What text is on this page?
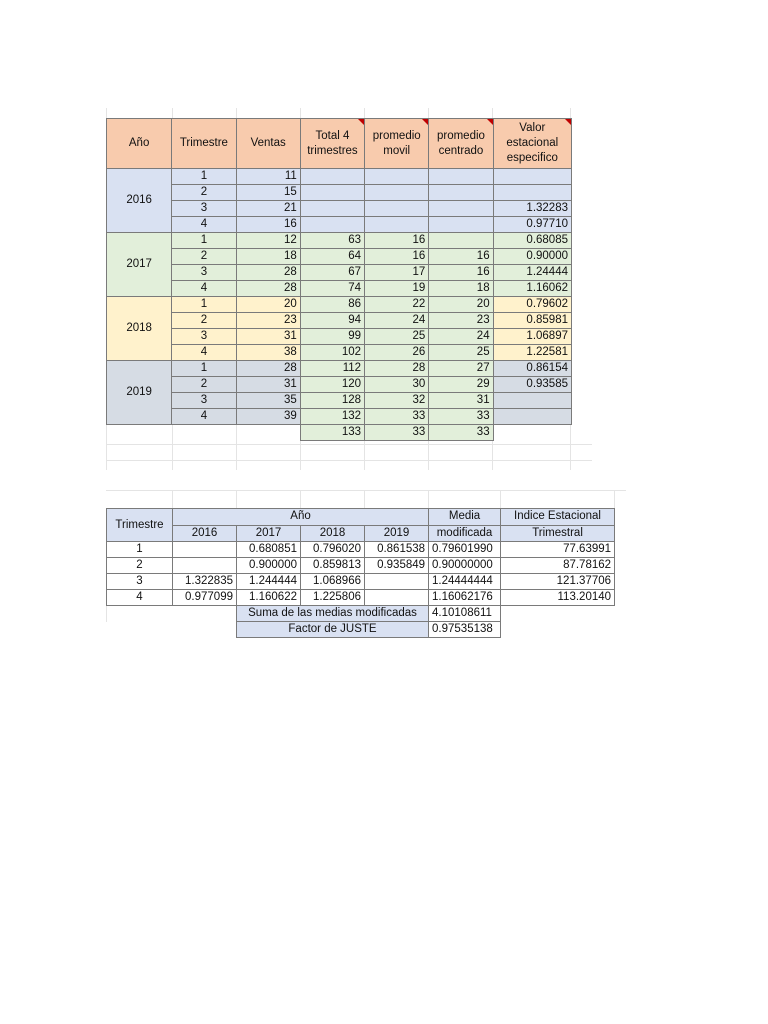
Año	Trimestre	Ventas	Total 4 trimestres	promedio movil	promedio centrado	Valor estacional especifico
2016	1	11				
	2	15				
	3	21				1.32283
	4	16				0.97710
2017	1	12	63	16		0.68085
	2	18	64	16	16	0.90000
	3	28	67	17	16	1.24444
	4	28	74	19	18	1.16062
2018	1	20	86	22	20	0.79602
	2	23	94	24	23	0.85981
	3	31	99	25	24	1.06897
	4	38	102	26	25	1.22581
2019	1	28	112	28	27	0.86154
	2	31	120	30	29	0.93585
	3	35	128	32	31	
	4	39	132	33	33	
			133	33	33	
Trimestre	Año				Media	Indice Estacional
	2016	2017	2018	2019	modificada	Trimestral
1		0.680851	0.796020	0.861538	0.79601990	77.63991
2		0.900000	0.859813	0.935849	0.90000000	87.78162
3	1.322835	1.244444	1.068966		1.24444444	121.37706
4	0.977099	1.160622	1.225806		1.16062176	113.20140
		Suma de las medias modificadas			4.10108611	
		Factor de JUSTE			0.97535138	
